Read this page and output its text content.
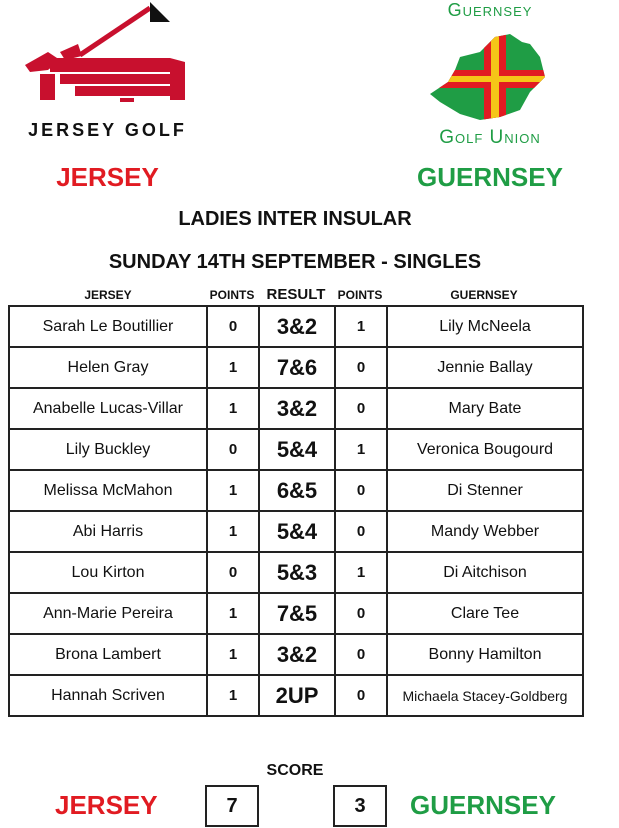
JERSEY GOLF
Guernsey
Golf Union
JERSEY	GUERNSEY
LADIES INTER INSULAR
SUNDAY 14TH SEPTEMBER - SINGLES
JERSEY	POINTS RESULT	POINTS	GUERNSEY
Sarah Le Boutillier	0	3&2	1	Lily McNeela
Helen Gray	1	7&6	0	Jennie Ballay
Anabelle Lucas-Villar	1	3&2	0	Mary Bate
Lily Buckley	0	5&4	1	Veronica Bougourd
Melissa McMahon	1	6&5	0	Di Stenner
Abi Harris	1	5&4	0	Mandy Webber
Lou Kirton	0	5&3	1	Di Aitchison
Ann-Marie Pereira	1	7&5	0	Clare Tee
Brona Lambert	1	3&2	0	Bonny Hamilton
Hannah Scriven	1	2UP	0	Michaela Stacey-Goldberg
SCORE
JERSEY	7	3	GUERNSEY
